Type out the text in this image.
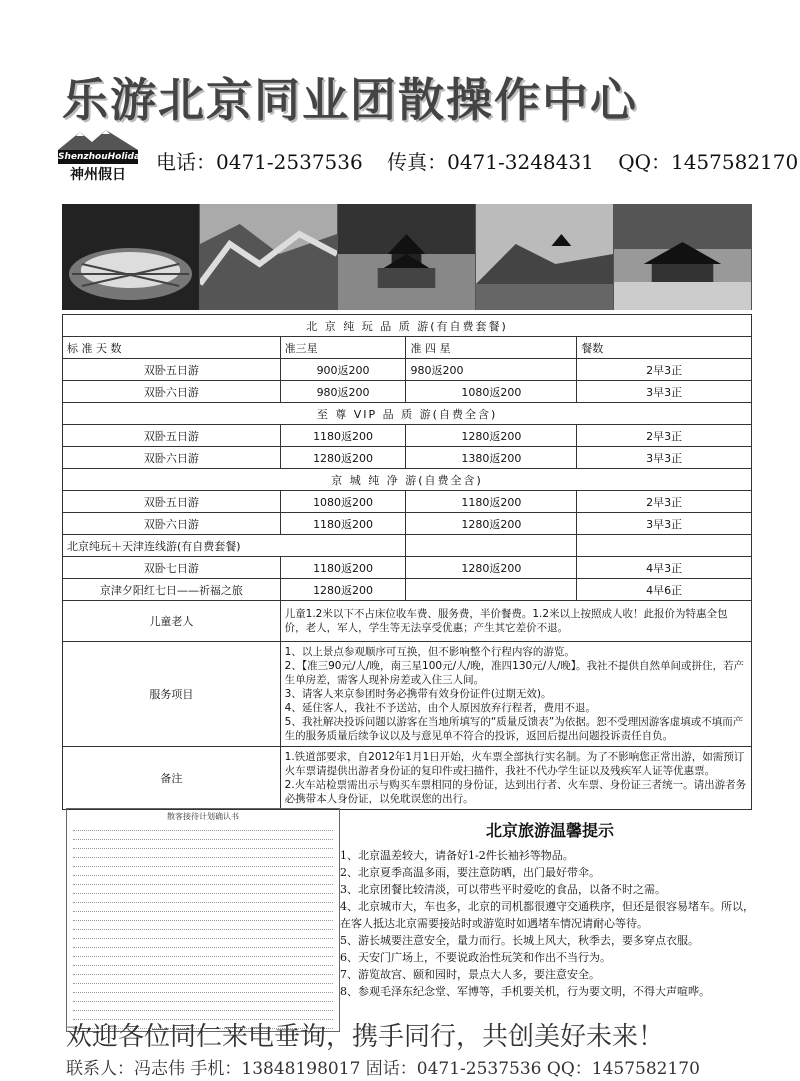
乐游北京同业团散操作中心
ShenzhouHoliday
神州假日
电话：0471-2537536 传真：0471-3248431 QQ：1457582170
北 京 纯 玩 品 质 游(有自费套餐)			
标 准 天 数	准三星	准 四 星	餐数
双卧五日游	900返200	980返200	2早3正
双卧六日游	980返200	1080返200	3早3正
至 尊 VIP 品 质 游(自费全含)			
双卧五日游	1180返200	1280返200	2早3正
双卧六日游	1280返200	1380返200	3早3正
京 城 纯 净 游(自费全含)			
双卧五日游	1080返200	1180返200	2早3正
双卧六日游	1180返200	1280返200	3早3正
北京纯玩＋天津连线游(有自费套餐)			
双卧七日游	1180返200	1280返200	4早3正
京津夕阳红七日——祈福之旅	1280返200		4早6正
儿童老人	儿童1.2米以下不占床位收车费、服务费，半价餐费。1.2米以上按照成人收！此报价为特惠全包价，老人，军人，学生等无法享受优惠；产生其它差价不退。		
服务项目	1、以上景点参观顺序可互换，但不影响整个行程内容的游览。
2、【准三90元/人/晚，南三星100元/人/晚，准四130元/人/晚】。我社不提供自然单间或拼住，若产生单房差，需客人现补房差或入住三人间。
3、请客人来京参团时务必携带有效身份证件(过期无效)。
4、延住客人，我社不予送站，由个人原因放弃行程者，费用不退。
5、我社解决投诉问题以游客在当地所填写的“质量反馈表”为依据。恕不受理因游客虚填或不填而产生的服务质量后续争议以及与意见单不符合的投诉，返回后提出问题投诉责任自负。		

备注	1.铁道部要求，自2012年1月1日开始，火车票全部执行实名制。为了不影响您正常出游，如需预订火车票请提供出游者身份证的复印件或扫描件，我社不代办学生证以及残疾军人证等优惠票。
2.火车站检票需出示与购买车票相同的身份证，达到出行者、火车票、身份证三者统一。请出游者务必携带本人身份证，以免耽误您的出行。		
散客接待计划确认书
北京旅游温馨提示
1、北京温差较大，请备好1-2件长袖衫等物品。
2、北京夏季高温多雨，要注意防晒，出门最好带伞。
3、北京团餐比较清淡，可以带些平时爱吃的食品，以备不时之需。
4、北京城市大，车也多，北京的司机都很遵守交通秩序，但还是很容易堵车。所以，在客人抵达北京需要接站时或游览时如遇堵车情况请耐心等待。
5、游长城要注意安全，量力而行。长城上风大，秋季去，要多穿点衣服。
6、天安门广场上，不要说政治性玩笑和作出不当行为。
7、游览故宫、颐和园时，景点大人多，要注意安全。
8、参观毛泽东纪念堂、军博等，手机要关机，行为要文明，不得大声喧哗。
欢迎各位同仁来电垂询，携手同行，共创美好未来！
联系人：冯志伟 手机：13848198017 固话：0471-2537536 QQ：1457582170
